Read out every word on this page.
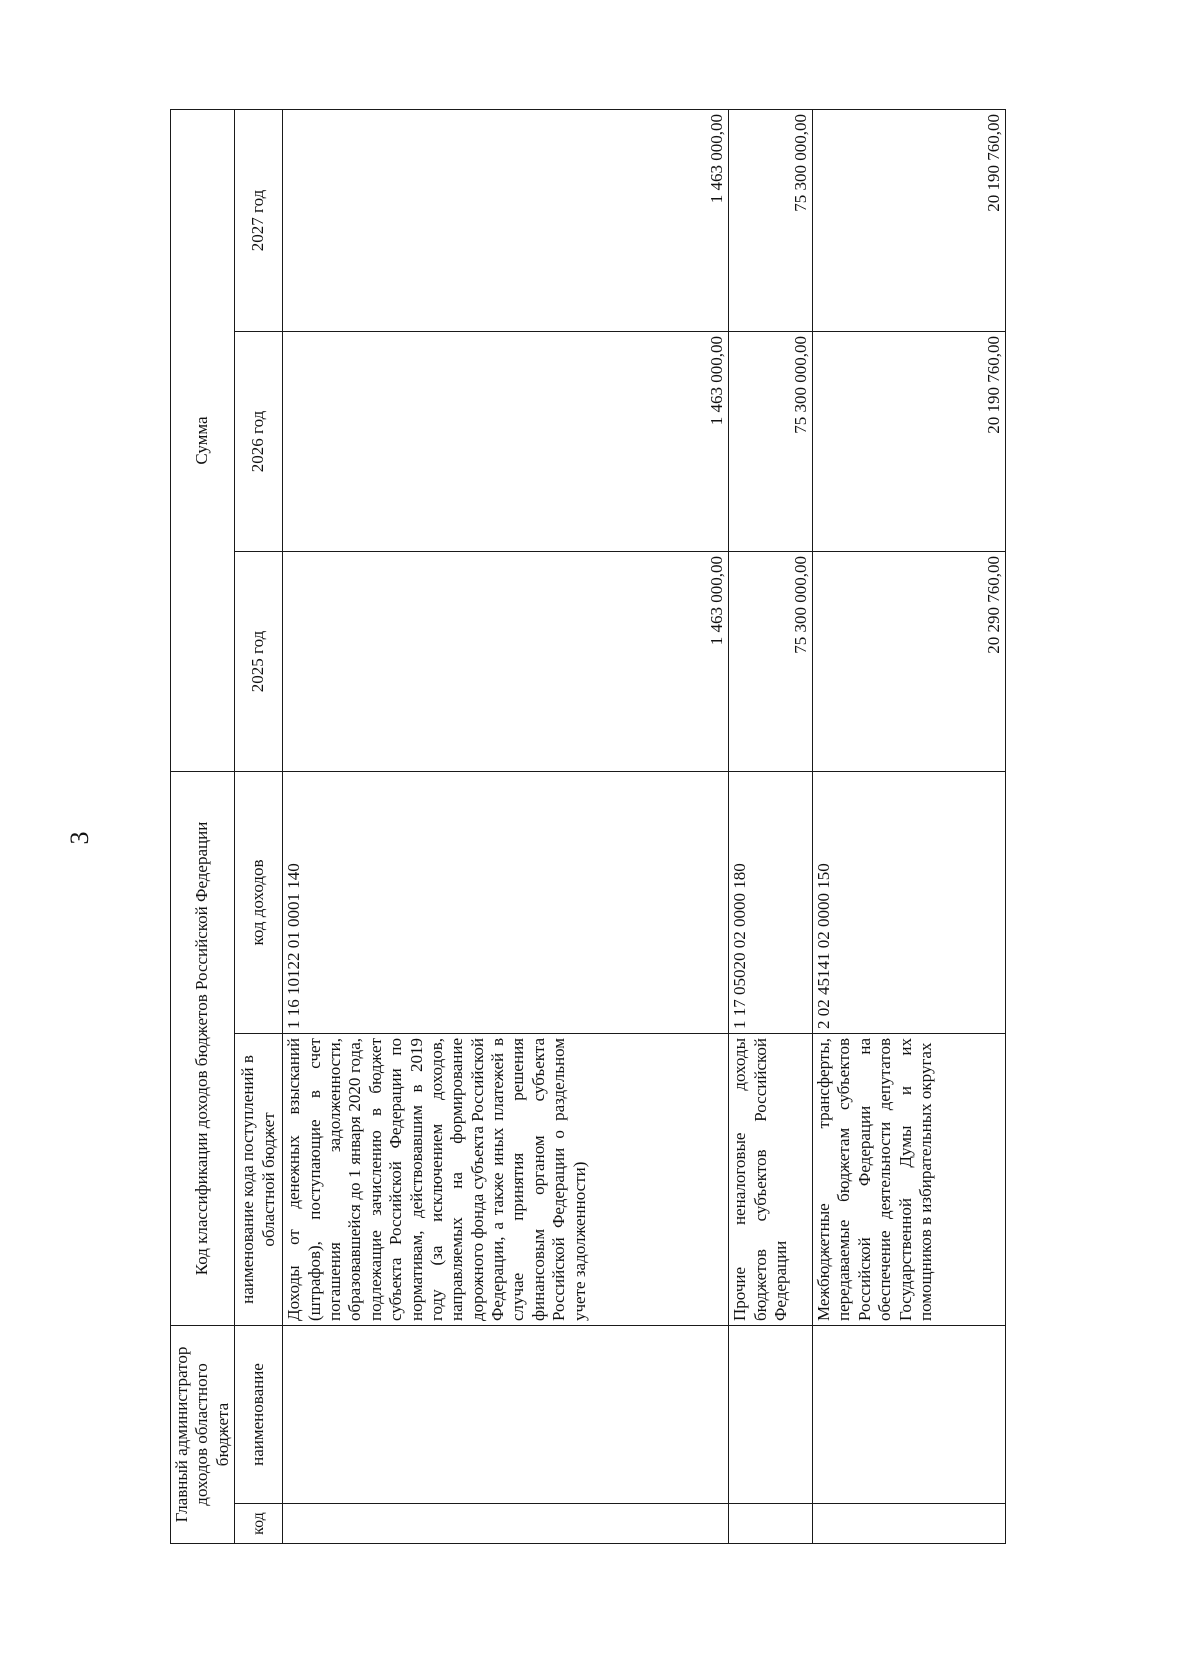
3
Главный администратор доходов областного бюджета		Код классификации доходов бюджетов Российской Федерации		Сумма		
код	наименование	наименование кода поступлений в областной бюджет	код доходов	2025 год	2026 год	2027 год
		Доходы от денежных взысканий (штрафов), поступающие в счет погашения задолженности, образовавшейся до 1 января 2020 года, подлежащие зачислению в бюджет субъекта Российской Федерации по нормативам, действовавшим в 2019 году (за исключением доходов, направляемых на формирование дорожного фонда субъекта Российской Федерации, а также иных платежей в случае принятия решения финансовым органом субъекта Российской Федерации о раздельном учете задолженности)	1 16 10122 01 0001 140	1 463 000,00	1 463 000,00	1 463 000,00
		Прочие неналоговые доходы бюджетов субъектов Российской Федерации	1 17 05020 02 0000 180	75 300 000,00	75 300 000,00	75 300 000,00
		Межбюджетные трансферты, передаваемые бюджетам субъектов Российской Федерации на обеспечение деятельности депутатов Государственной Думы и их помощников в избирательных округах	2 02 45141 02 0000 150	20 290 760,00	20 190 760,00	20 190 760,00
